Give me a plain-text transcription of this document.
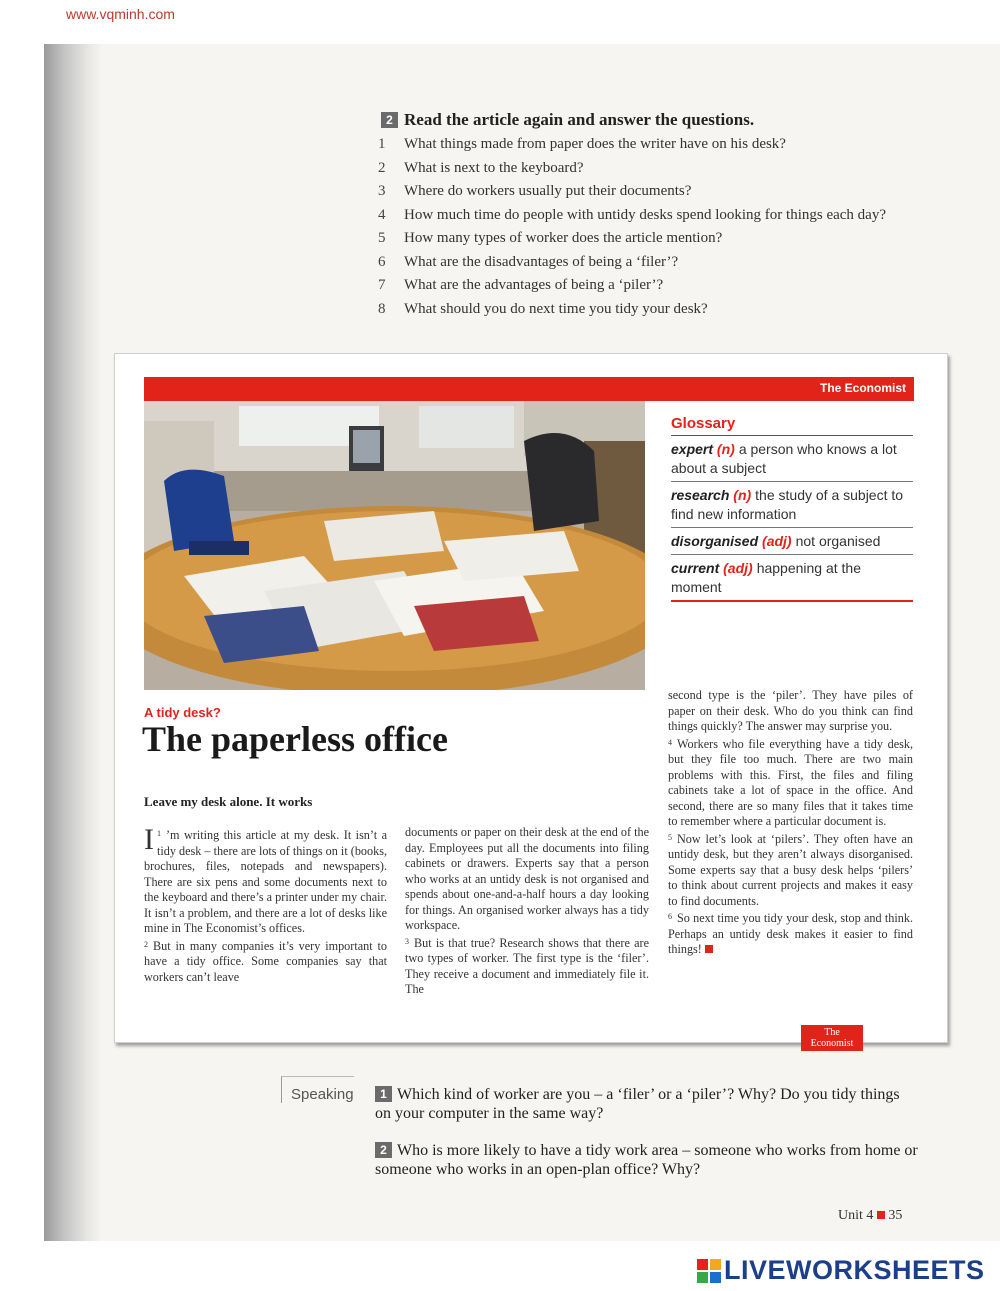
www.vqminh.com
2 Read the article again and answer the questions.
1	What things made from paper does the writer have on his desk?
2	What is next to the keyboard?
3	Where do workers usually put their documents?
4	How much time do people with untidy desks spend looking for things each day?
5	How many types of worker does the article mention?
6	What are the disadvantages of being a ‘filer’?
7	What are the advantages of being a ‘piler’?
8	What should you do next time you tidy your desk?
The Economist
Glossary
expert (n) a person who knows a lot about a subject
research (n) the study of a subject to find new information
disorganised (adj) not organised
current (adj) happening at the moment
A tidy desk?
The paperless office
Leave my desk alone. It works

$^1$
I ’m writing this article at my desk. It isn’t a tidy desk – there are lots of things on it (books, brochures, files, notepads and newspapers). There are six pens and some documents next to the keyboard and there’s a printer under my chair. It isn’t a problem, and there are a lot of desks like mine in The Economist’s offices.

$^2$ But in many companies it’s very important to have a tidy office. Some companies say that workers can’t leave

documents or paper on their desk at the end of the day. Employees put all the documents into filing cabinets or drawers. Experts say that a person who works at an untidy desk is not organised and spends about one-and-a-half hours a day looking for things. An organised worker always has a tidy workspace.

$^3$ But is that true? Research shows that there are two types of worker. The first type is the ‘filer’. They receive a document and immediately file it. The

second type is the ‘piler’. They have piles of paper on their desk. Who do you think can find things quickly? The answer may surprise you.

$^4$ Workers who file everything have a tidy desk, but they file too much. There are two main problems with this. First, the files and filing cabinets take a lot of space in the office. And second, there are so many files that it takes time to remember where a particular document is.

$^5$ Now let’s look at ‘pilers’. They often have an untidy desk, but they aren’t always disorganised. Some experts say that a busy desk helps ‘pilers’ to think about current projects and makes it easy to find documents.

$^6$ So next time you tidy your desk, stop and think. Perhaps an untidy desk makes it easier to find things!

The
Economist
Speaking	1 Which kind of worker are you – a ‘filer’ or a ‘piler’? Why? Do you tidy things on your computer in the same way?
2 Who is more likely to have a tidy work area – someone who works from home or someone who works in an open-plan office? Why?
Unit 4 35
LIVEWORKSHEETS
